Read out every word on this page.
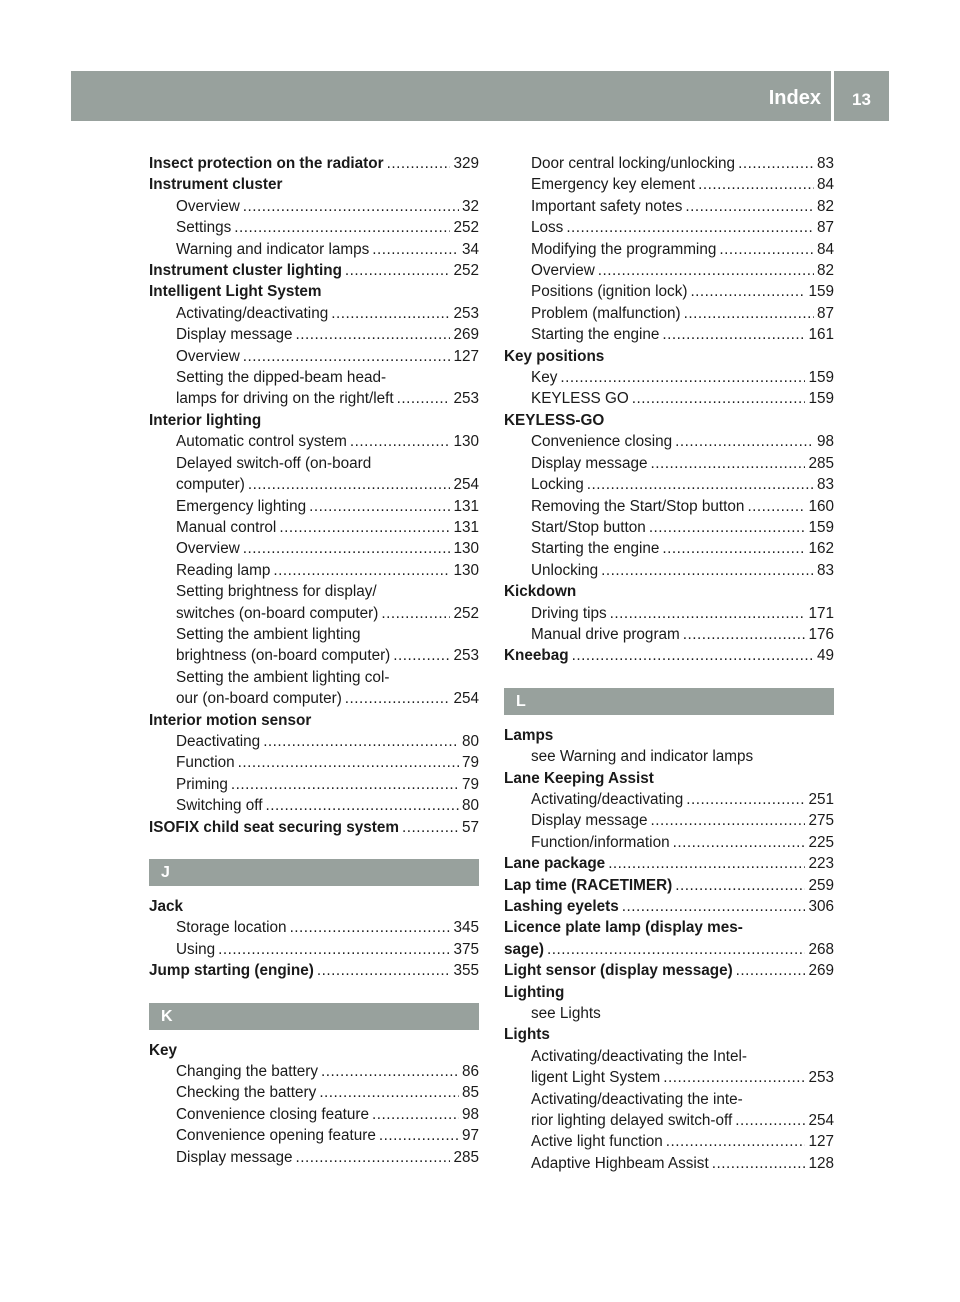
Index	13
Insect protection on the radiator .....	329
Instrument cluster
Overview .....	32
Settings .....	252
Warning and indicator lamps .....	34
Instrument cluster lighting .....	252
Intelligent Light System
Activating/deactivating .....	253
Display message .....	269
Overview .....	127
Setting the dipped-beam head-
lamps for driving on the right/left .....	253
Interior lighting
Automatic control system .....	130
Delayed switch-off (on-board
computer) .....	254
Emergency lighting .....	131
Manual control .....	131
Overview .....	130
Reading lamp .....	130
Setting brightness for display/
switches (on-board computer) .....	252
Setting the ambient lighting
brightness (on-board computer) .....	253
Setting the ambient lighting col-
our (on-board computer) .....	254
Interior motion sensor
Deactivating .....	80
Function .....	79
Priming .....	79
Switching off .....	80
ISOFIX child seat securing system .....	57
J
Jack
Storage location .....	345
Using .....	375
Jump starting (engine) .....	355
K
Key
Changing the battery .....	86
Checking the battery .....	85
Convenience closing feature .....	98
Convenience opening feature .....	97
Display message .....	285
Door central locking/unlocking .....	83
Emergency key element .....	84
Important safety notes .....	82
Loss .....	87
Modifying the programming .....	84
Overview .....	82
Positions (ignition lock) .....	159
Problem (malfunction) .....	87
Starting the engine .....	161
Key positions
Key .....	159
KEYLESS GO .....	159
KEYLESS-GO
Convenience closing .....	98
Display message .....	285
Locking .....	83
Removing the Start/Stop button .....	160
Start/Stop button .....	159
Starting the engine .....	162
Unlocking .....	83
Kickdown
Driving tips .....	171
Manual drive program .....	176
Kneebag .....	49
L
Lamps
see Warning and indicator lamps
Lane Keeping Assist
Activating/deactivating .....	251
Display message .....	275
Function/information .....	225
Lane package .....	223
Lap time (RACETIMER) .....	259
Lashing eyelets .....	306
Licence plate lamp (display mes-
sage) .....	268
Light sensor (display message) .....	269
Lighting
see Lights
Lights
Activating/deactivating the Intel-
ligent Light System .....	253
Activating/deactivating the inte-
rior lighting delayed switch-off .....	254
Active light function .....	127
Adaptive Highbeam Assist .....	128
